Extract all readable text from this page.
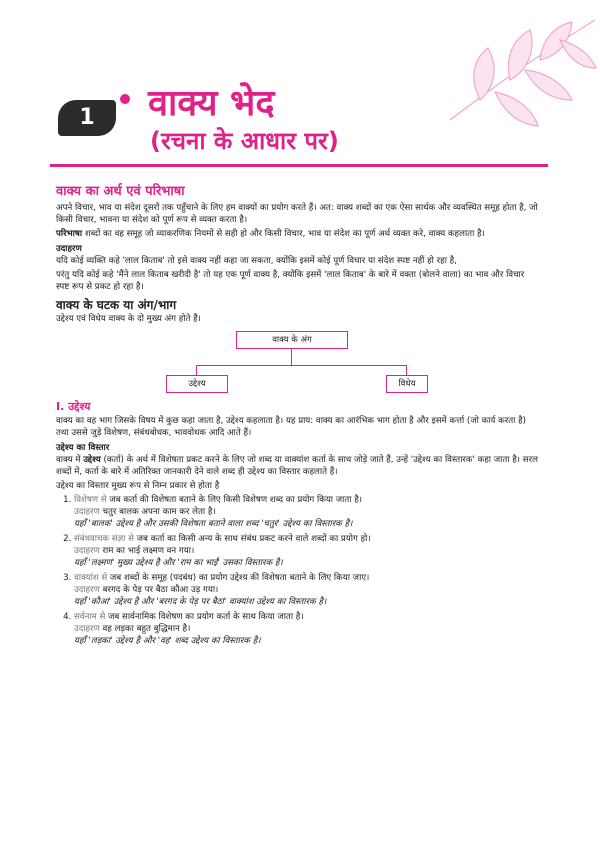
1	वाक्य भेद
(रचना के आधार पर)
वाक्य का अर्थ एवं परिभाषा

अपने विचार, भाव या संदेश दूसरों तक पहुँचाने के लिए हम वाक्यों का प्रयोग करते हैं। अत: वाक्य शब्दों का एक ऐसा सार्थक और व्यवस्थित समूह होता है, जो किसी विचार, भावना या संदेश को पूर्ण रूप से व्यक्त करता है।

परिभाषा शब्दों का वह समूह जो व्याकरणिक नियमों से सही हो और किसी विचार, भाव या संदेश का पूर्ण अर्थ व्यक्त करे, वाक्य कहलाता है।

उदाहरण

यदि कोई व्यक्ति कहे 'लाल किताब' तो इसे वाक्य नहीं कहा जा सकता, क्योंकि इसमें कोई पूर्ण विचार या संदेश स्पष्ट नहीं हो रहा है,

परंतु यदि कोई कहे 'मैंने लाल किताब खरीदी है' तो यह एक पूर्ण वाक्य है, क्योंकि इसमें 'लाल किताब' के बारे में वक्ता (बोलने वाला) का भाव और विचार स्पष्ट रूप से प्रकट हो रहा है।

वाक्य के घटक या अंग/भाग

उद्देश्य एवं विधेय वाक्य के दो मुख्य अंग होते हैं।

वाक्य के अंग
उद्देश्य	विधेय
I. उद्देश्य

वाक्य का वह भाग जिसके विषय में कुछ कहा जाता है, उद्देश्य कहलाता है। यह प्राय: वाक्य का आरंभिक भाग होता है और इसमें कर्त्ता (जो कार्य करता है) तथा उससे जुड़े विशेषण, संबंधबोधक, भाववोधक आदि आते हैं।

उद्देश्य का विस्तार

वाक्य में उद्देश्य (कर्ता) के अर्थ में विशेषता प्रकट करने के लिए जो शब्द या वाक्यांश कर्ता के साथ जोड़े जाते हैं, उन्हें 'उद्देश्य का विस्तारक' कहा जाता है। सरल शब्दों में, कर्ता के बारे में अतिरिक्त जानकारी देने वाले शब्द ही उद्देश्य का विस्तार कहलाते हैं।

उद्देश्य का विस्तार मुख्य रूप से निम्न प्रकार से होता है

1. विशेषण से जब कर्ता की विशेषता बताने के लिए किसी विशेषण शब्द का प्रयोग किया जाता है।
उदाहरण चतुर बालक अपना काम कर लेता है।
यहाँ 'बालक' उद्देश्य है और उसकी विशेषता बताने वाला शब्द 'चतुर' उद्देश्य का विस्तारक है।
2. संबंधवाचक संज्ञा से जब कर्ता का किसी अन्य के साथ संबंध प्रकट करने वाले शब्दों का प्रयोग हो।
उदाहरण राम का भाई लक्ष्मण वन गया।
यहाँ 'लक्ष्मण' मुख्य उद्देश्य है और 'राम का भाई' उसका विस्तारक है।
3. वाक्यांश से जब शब्दों के समूह (पदबंध) का प्रयोग उद्देश्य की विशेषता बताने के लिए किया जाए।
उदाहरण बरगद के पेड़ पर बैठा कौआ उड़ गया।
यहाँ 'कौआ' उद्देश्य है और 'बरगद के पेड़ पर बैठा' वाक्यांश उद्देश्य का विस्तारक है।
4. सर्वनाम से जब सार्वनामिक विशेषण का प्रयोग कर्ता के साथ किया जाता है।
उदाहरण वह लड़का बहुत बुद्धिमान है।
यहाँ 'लड़का' उद्देश्य है और 'वह' शब्द उद्देश्य का विस्तारक है।
